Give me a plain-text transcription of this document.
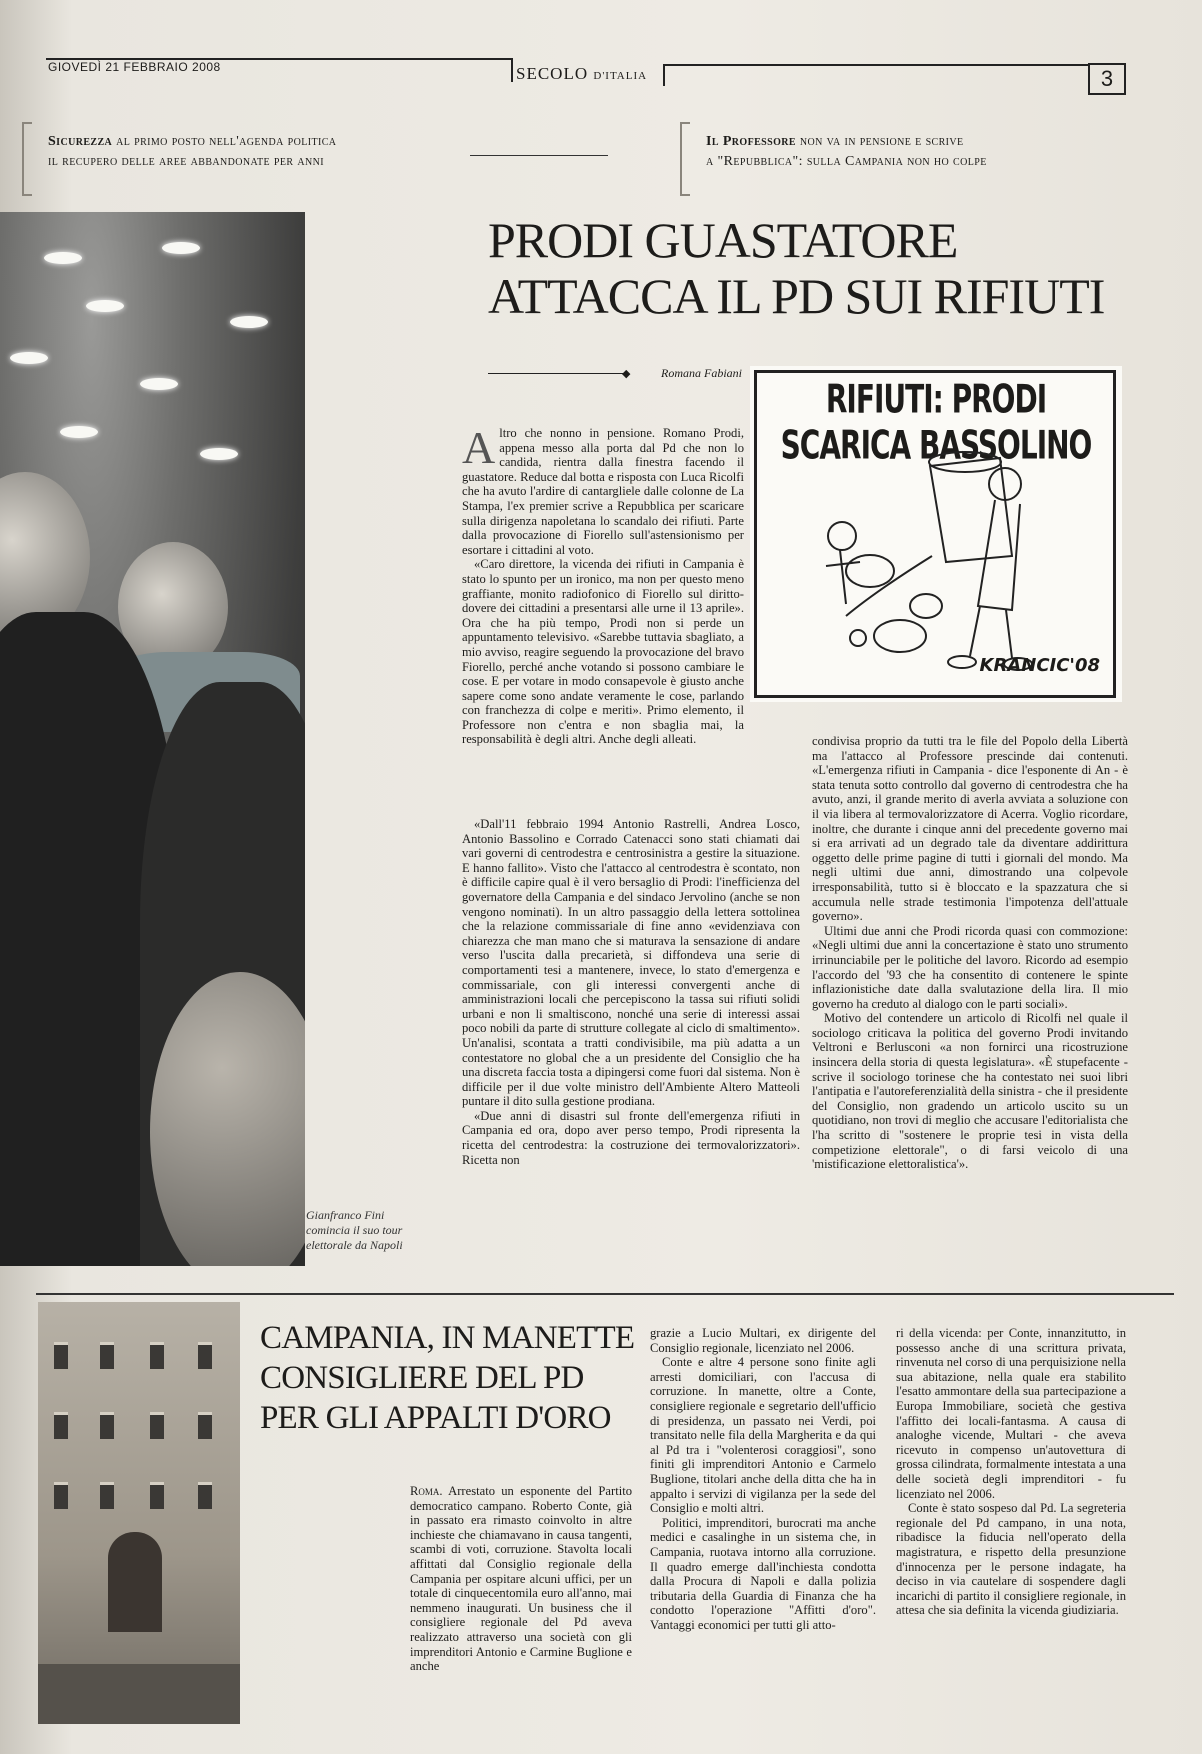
GIOVEDÌ 21 FEBBRAIO 2008	SECOLO D'ITALIA	3
Sicurezza al primo posto nell'agenda politica
il recupero delle aree abbandonate per anni
Il Professore non va in pensione e scrive
a "Repubblica": sulla Campania non ho colpe
Gianfranco Fini comincia il suo tour elettorale da Napoli
PRODI GUASTATORE
ATTACCA IL PD SUI RIFIUTI
◆	Romana Fabiani
RIFIUTI: PRODI SCARICA BASSOLINO
KRANCIC'08

Altro che nonno in pensione. Romano Prodi, appena messo alla porta dal Pd che non lo candida, rientra dalla finestra facendo il guastatore. Reduce dal botta e risposta con Luca Ricolfi che ha avuto l'ardire di cantargliele dalle colonne de La Stampa, l'ex premier scrive a Repubblica per scaricare sulla dirigenza napoletana lo scandalo dei rifiuti. Parte dalla provocazione di Fiorello sull'astensionismo per esortare i cittadini al voto.

«Caro direttore, la vicenda dei rifiuti in Campania è stato lo spunto per un ironico, ma non per questo meno graffiante, monito radiofonico di Fiorello sul diritto-dovere dei cittadini a presentarsi alle urne il 13 aprile». Ora che ha più tempo, Prodi non si perde un appuntamento televisivo. «Sarebbe tuttavia sbagliato, a mio avviso, reagire seguendo la provocazione del bravo Fiorello, perché anche votando si possono cambiare le cose. E per votare in modo consapevole è giusto anche sapere come sono andate veramente le cose, parlando con franchezza di colpe e meriti». Primo elemento, il Professore non c'entra e non sbaglia mai, la responsabilità è degli altri. Anche degli alleati.

«Dall'11 febbraio 1994 Antonio Rastrelli, Andrea Losco, Antonio Bassolino e Corrado Catenacci sono stati chiamati dai vari governi di centrodestra e centrosinistra a gestire la situazione. E hanno fallito». Visto che l'attacco al centrodestra è scontato, non è difficile capire qual è il vero bersaglio di Prodi: l'inefficienza del governatore della Campania e del sindaco Jervolino (anche se non vengono nominati). In un altro passaggio della lettera sottolinea che la relazione commissariale di fine anno «evidenziava con chiarezza che man mano che si maturava la sensazione di andare verso l'uscita dalla precarietà, si diffondeva una serie di comportamenti tesi a mantenere, invece, lo stato d'emergenza e commissariale, con gli interessi convergenti anche di amministrazioni locali che percepiscono la tassa sui rifiuti solidi urbani e non li smaltiscono, nonché una serie di interessi assai poco nobili da parte di strutture collegate al ciclo di smaltimento». Un'analisi, scontata a tratti condivisibile, ma più adatta a un contestatore no global che a un presidente del Consiglio che ha una discreta faccia tosta a dipingersi come fuori dal sistema. Non è difficile per il due volte ministro dell'Ambiente Altero Matteoli puntare il dito sulla gestione prodiana.

«Due anni di disastri sul fronte dell'emergenza rifiuti in Campania ed ora, dopo aver perso tempo, Prodi ripresenta la ricetta del centrodestra: la costruzione dei termovalorizzatori». Ricetta non

condivisa proprio da tutti tra le file del Popolo della Libertà ma l'attacco al Professore prescinde dai contenuti. «L'emergenza rifiuti in Campania - dice l'esponente di An - è stata tenuta sotto controllo dal governo di centrodestra che ha avuto, anzi, il grande merito di averla avviata a soluzione con il via libera al termovalorizzatore di Acerra. Voglio ricordare, inoltre, che durante i cinque anni del precedente governo mai si era arrivati ad un degrado tale da diventare addirittura oggetto delle prime pagine di tutti i giornali del mondo. Ma negli ultimi due anni, dimostrando una colpevole irresponsabilità, tutto si è bloccato e la spazzatura che si accumula nelle strade testimonia l'impotenza dell'attuale governo».

Ultimi due anni che Prodi ricorda quasi con commozione: «Negli ultimi due anni la concertazione è stato uno strumento irrinunciabile per le politiche del lavoro. Ricordo ad esempio l'accordo del '93 che ha consentito di contenere le spinte inflazionistiche date dalla svalutazione della lira. Il mio governo ha creduto al dialogo con le parti sociali».

Motivo del contendere un articolo di Ricolfi nel quale il sociologo criticava la politica del governo Prodi invitando Veltroni e Berlusconi «a non fornirci una ricostruzione insincera della storia di questa legislatura». «È stupefacente - scrive il sociologo torinese che ha contestato nei suoi libri l'antipatia e l'autoreferenzialità della sinistra - che il presidente del Consiglio, non gradendo un articolo uscito su un quotidiano, non trovi di meglio che accusare l'editorialista che l'ha scritto di "sostenere le proprie tesi in vista della competizione elettorale", o di farsi veicolo di una 'mistificazione elettoralistica'».

CAMPANIA, IN MANETTE
CONSIGLIERE DEL PD
PER GLI APPALTI D'ORO

Roma. Arrestato un esponente del Partito democratico campano. Roberto Conte, già in passato era rimasto coinvolto in altre inchieste che chiamavano in causa tangenti, scambi di voti, corruzione. Stavolta locali affittati dal Consiglio regionale della Campania per ospitare alcuni uffici, per un totale di cinquecentomila euro all'anno, mai nemmeno inaugurati. Un business che il consigliere regionale del Pd aveva realizzato attraverso una società con gli imprenditori Antonio e Carmine Buglione e anche

grazie a Lucio Multari, ex dirigente del Consiglio regionale, licenziato nel 2006.

Conte e altre 4 persone sono finite agli arresti domiciliari, con l'accusa di corruzione. In manette, oltre a Conte, consigliere regionale e segretario dell'ufficio di presidenza, un passato nei Verdi, poi transitato nelle fila della Margherita e da qui al Pd tra i "volenterosi coraggiosi", sono finiti gli imprenditori Antonio e Carmelo Buglione, titolari anche della ditta che ha in appalto i servizi di vigilanza per la sede del Consiglio e molti altri.

Politici, imprenditori, burocrati ma anche medici e casalinghe in un sistema che, in Campania, ruotava intorno alla corruzione. Il quadro emerge dall'inchiesta condotta dalla Procura di Napoli e dalla polizia tributaria della Guardia di Finanza che ha condotto l'operazione "Affitti d'oro". Vantaggi economici per tutti gli atto-

ri della vicenda: per Conte, innanzitutto, in possesso anche di una scrittura privata, rinvenuta nel corso di una perquisizione nella sua abitazione, nella quale era stabilito l'esatto ammontare della sua partecipazione a Europa Immobiliare, società che gestiva l'affitto dei locali-fantasma. A causa di analoghe vicende, Multari - che aveva ricevuto in compenso un'autovettura di grossa cilindrata, formalmente intestata a una delle società degli imprenditori - fu licenziato nel 2006.

Conte è stato sospeso dal Pd. La segreteria regionale del Pd campano, in una nota, ribadisce la fiducia nell'operato della magistratura, e rispetto della presunzione d'innocenza per le persone indagate, ha deciso in via cautelare di sospendere dagli incarichi di partito il consigliere regionale, in attesa che sia definita la vicenda giudiziaria.
